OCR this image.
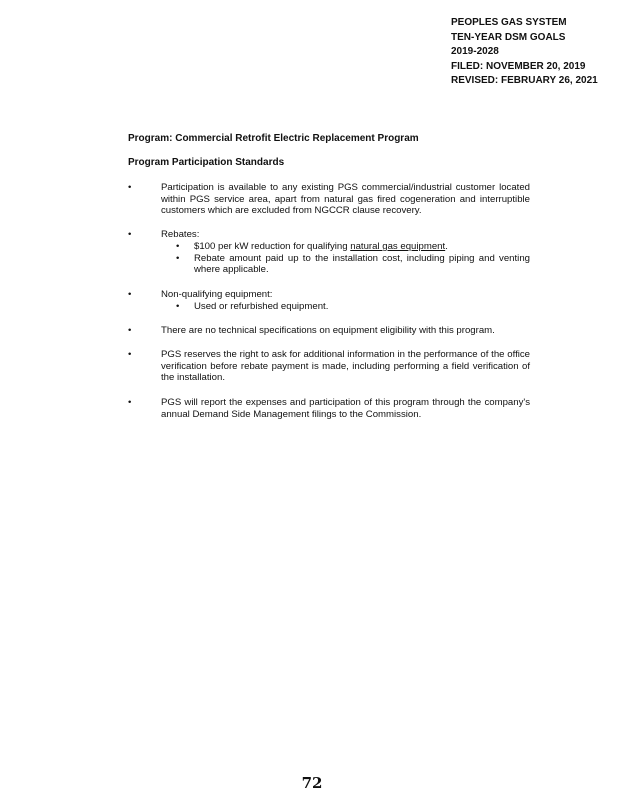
PEOPLES GAS SYSTEM
TEN-YEAR DSM GOALS
2019-2028
FILED: NOVEMBER 20, 2019
REVISED: FEBRUARY 26, 2021
Program: Commercial Retrofit Electric Replacement Program
Program Participation Standards
•	Participation is available to any existing PGS commercial/industrial customer located within PGS service area, apart from natural gas fired cogeneration and interruptible customers which are excluded from NGCCR clause recovery.
•	Rebates:
• $100 per kW reduction for qualifying natural gas equipment.
• Rebate amount paid up to the installation cost, including piping and venting where applicable.
•	Non-qualifying equipment:
• Used or refurbished equipment.
•	There are no technical specifications on equipment eligibility with this program.
•	PGS reserves the right to ask for additional information in the performance of the office verification before rebate payment is made, including performing a field verification of the installation.
•	PGS will report the expenses and participation of this program through the company's annual Demand Side Management filings to the Commission.
72
